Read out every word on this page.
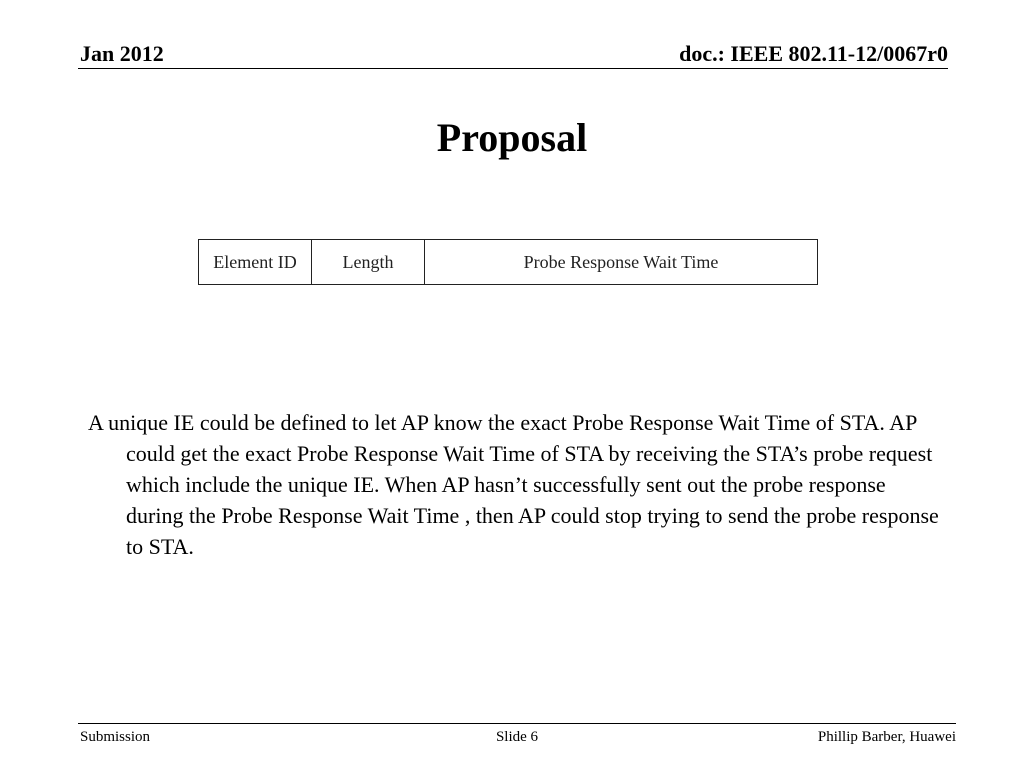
Jan 2012	doc.: IEEE 802.11-12/0067r0
Proposal
Element ID	Length	Probe Response Wait Time
A unique IE could be defined to let AP know the exact Probe Response Wait Time of STA. AP could get the exact Probe Response Wait Time of STA by receiving the STA’s probe request which include the unique IE. When AP hasn’t successfully sent out the probe response during the Probe Response Wait Time , then AP could stop trying to send the probe response to STA.
Submission	Slide 6	Phillip Barber, Huawei
